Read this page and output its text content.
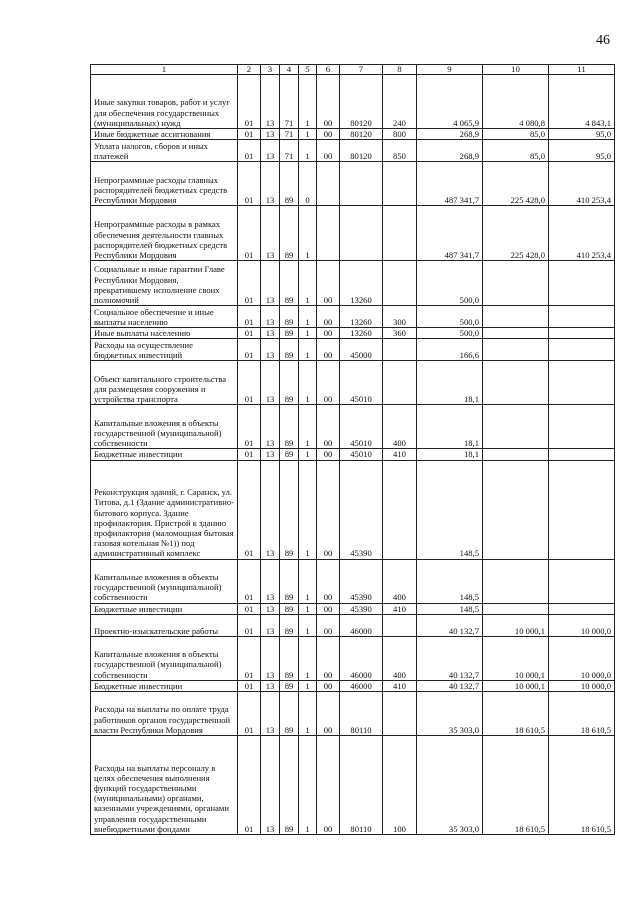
46
1	2	3	4	5	6	7	8	9	10	11
Иные закупки товаров, работ и услуг для обеспечения государственных (муниципальных) нужд	01	13	71	1	00	80120	240	4 065,9	4 080,8	4 843,1
Иные бюджетные ассигнования	01	13	71	1	00	80120	800	268,9	85,0	95,0
Уплата налогов, сборов и иных платежей	01	13	71	1	00	80120	850	268,9	85,0	95,0
Непрограммные расходы главных распорядителей бюджетных средств Республики Мордовия	01	13	89	0				487 341,7	225 428,0	410 253,4
Непрограммные расходы в рамках обеспечения деятельности главных распорядителей бюджетных средств Республики Мордовия	01	13	89	1				487 341,7	225 428,0	410 253,4
Социальные и иные гарантии Главе Республики Мордовия, прекратившему исполнение своих полномочий	01	13	89	1	00	13260		500,0		
Социальное обеспечение и иные выплаты населению	01	13	89	1	00	13260	300	500,0		
Иные выплаты населению	01	13	89	1	00	13260	360	500,0		
Расходы на осуществление бюджетных инвестиций	01	13	89	1	00	45000		166,6		
Объект капитального строительства для размещения сооружения и устройства транспорта	01	13	89	1	00	45010		18,1		
Капитальные вложения в объекты государственной (муниципальной) собственности	01	13	89	1	00	45010	400	18,1		
Бюджетные инвестиции	01	13	89	1	00	45010	410	18,1		
Реконструкция зданий, г. Саранск, ул. Титова, д.1 (Здание административно-бытового корпуса. Здание профилактория. Пристрой к зданию профилактория (маломощная бытовая газовая котельная №1)) под административный комплекс	01	13	89	1	00	45390		148,5		
Капитальные вложения в объекты государственной (муниципальной) собственности	01	13	89	1	00	45390	400	148,5		
Бюджетные инвестиции	01	13	89	1	00	45390	410	148,5		
Проектно-изыскательские работы	01	13	89	1	00	46000		40 132,7	10 000,1	10 000,0
Капитальные вложения в объекты государственной (муниципальной) собственности	01	13	89	1	00	46000	400	40 132,7	10 000,1	10 000,0
Бюджетные инвестиции	01	13	89	1	00	46000	410	40 132,7	10 000,1	10 000,0
Расходы на выплаты по оплате труда работников органов государственной власти Республики Мордовия	01	13	89	1	00	80110		35 303,0	18 610,5	18 610,5
Расходы на выплаты персоналу в целях обеспечения выполнения функций государственными (муниципальными) органами, казенными учреждениями, органами управления государственными внебюджетными фондами	01	13	89	1	00	80110	100	35 303,0	18 610,5	18 610,5
